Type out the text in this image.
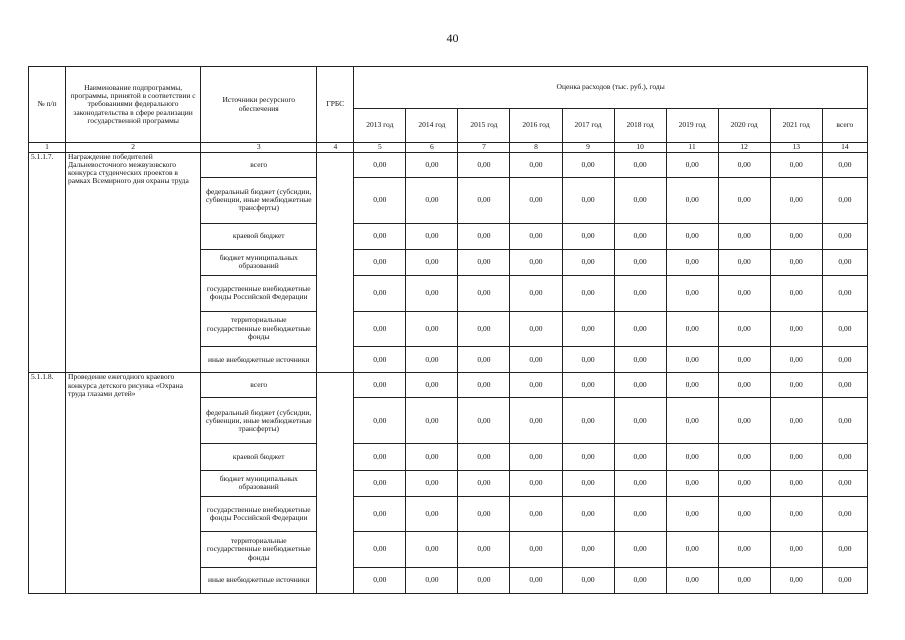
40
№ п/п	Наименование подпрограммы, программы, принятой в соответствии с требованиями федерального законодательства в сфере реализации государственной программы	Источники ресурсного обеспечения	ГРБС	Оценка расходов (тыс. руб.), годы									
				2013 год	2014 год	2015 год	2016 год	2017 год	2018 год	2019 год	2020 год	2021 год	всего
1	2	3	4	5	6	7	8	9	10	11	12	13	14
5.1.1.7.	Награждение победителей Дальневосточного межвузовского конкурса студенческих проектов в рамках Всемирного дня охраны труда	всего		0,00	0,00	0,00	0,00	0,00	0,00	0,00	0,00	0,00	0,00
		федеральный бюджет (субсидии, субвенции, иные межбюджетные трансферты)		0,00	0,00	0,00	0,00	0,00	0,00	0,00	0,00	0,00	0,00
		краевой бюджет		0,00	0,00	0,00	0,00	0,00	0,00	0,00	0,00	0,00	0,00
		бюджет муниципальных образований		0,00	0,00	0,00	0,00	0,00	0,00	0,00	0,00	0,00	0,00
		государственные внебюджетные фонды Российской Федерации		0,00	0,00	0,00	0,00	0,00	0,00	0,00	0,00	0,00	0,00
		территориальные государственные внебюджетные фонды		0,00	0,00	0,00	0,00	0,00	0,00	0,00	0,00	0,00	0,00
		иные внебюджетные источники		0,00	0,00	0,00	0,00	0,00	0,00	0,00	0,00	0,00	0,00
5.1.1.8.	Проведение ежегодного краевого конкурса детского рисунка «Охрана труда глазами детей»	всего		0,00	0,00	0,00	0,00	0,00	0,00	0,00	0,00	0,00	0,00
		федеральный бюджет (субсидии, субвенции, иные межбюджетные трансферты)		0,00	0,00	0,00	0,00	0,00	0,00	0,00	0,00	0,00	0,00
		краевой бюджет		0,00	0,00	0,00	0,00	0,00	0,00	0,00	0,00	0,00	0,00
		бюджет муниципальных образований		0,00	0,00	0,00	0,00	0,00	0,00	0,00	0,00	0,00	0,00
		государственные внебюджетные фонды Российской Федерации		0,00	0,00	0,00	0,00	0,00	0,00	0,00	0,00	0,00	0,00
		территориальные государственные внебюджетные фонды		0,00	0,00	0,00	0,00	0,00	0,00	0,00	0,00	0,00	0,00
		иные внебюджетные источники		0,00	0,00	0,00	0,00	0,00	0,00	0,00	0,00	0,00	0,00
